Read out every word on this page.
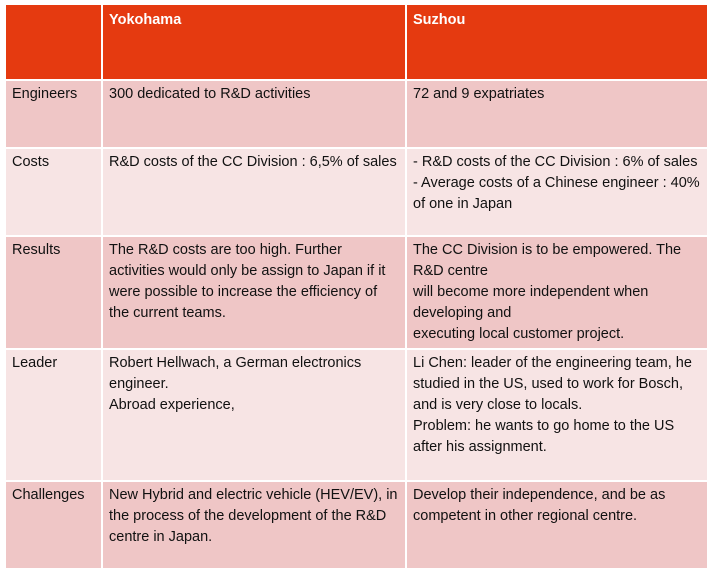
	Yokohama	Suzhou
Engineers	300 dedicated to R&D activities	72 and 9 expatriates

Costs	R&D costs of the CC Division : 6,5% of sales	- R&D costs of the CC Division : 6% of sales
- Average costs of a Chinese engineer : 40% of one in Japan

Results	The R&D costs are too high. Further activities would only be assign to Japan if it were possible to increase the efficiency of the current teams.	The CC Division is to be empowered. The R&D centre
will become more independent when developing and
executing local customer project.

Leader	Robert Hellwach, a German electronics engineer.
Abroad experience,	Li Chen: leader of the engineering team, he studied in the US, used to work for Bosch, and is very close to locals.
Problem: he wants to go home to the US after his assignment.

Challenges	New Hybrid and electric vehicle (HEV/EV), in the process of the development of the R&D centre in Japan.	Develop their independence, and be as competent in other regional centre.
